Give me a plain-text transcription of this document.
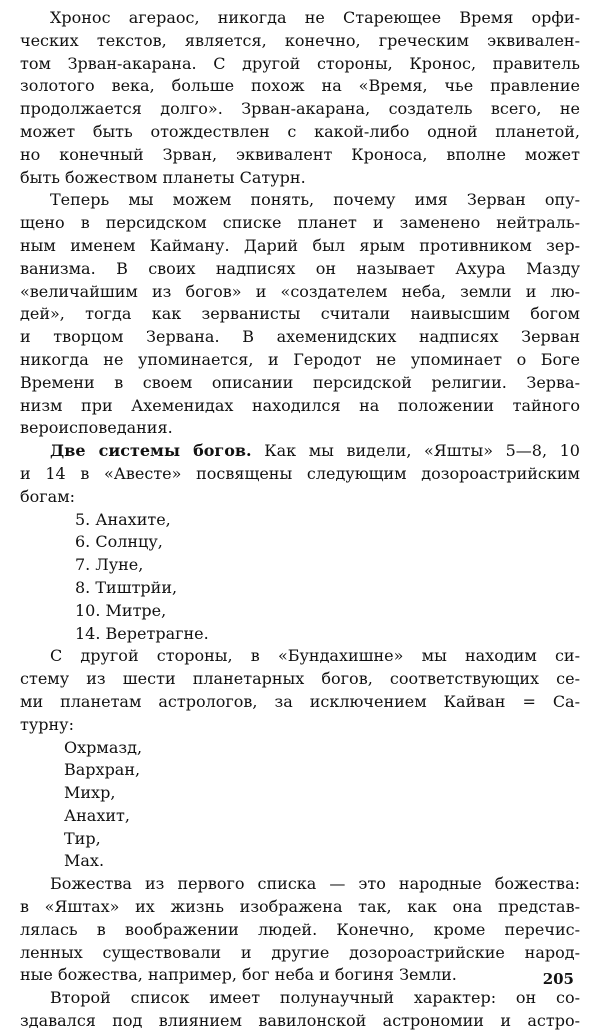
Хронос агераос, никогда не Стареющее Время орфи-
ческих текстов, является, конечно, греческим эквивален-
том Зрван-акарана. С другой стороны, Кронос, правитель
золотого века, больше похож на «Время, чье правление
продолжается долго». Зрван-акарана, создатель всего, не
может быть отождествлен с какой-либо одной планетой,
но конечный Зрван, эквивалент Кроноса, вполне может
быть божеством планеты Сатурн.
Теперь мы можем понять, почему имя Зерван опу-
щено в персидском списке планет и заменено нейтраль-
ным именем Кайману. Дарий был ярым противником зер-
ванизма. В своих надписях он называет Ахура Мазду
«величайшим из богов» и «создателем неба, земли и лю-
дей», тогда как зерванисты считали наивысшим богом
и творцом Зервана. В ахеменидских надписях Зерван
никогда не упоминается, и Геродот не упоминает о Боге
Времени в своем описании персидской религии. Зерва-
низм при Ахеменидах находился на положении тайного
вероисповедания.
Две системы богов. Как мы видели, «Яшты» 5—8, 10
и 14 в «Авесте» посвящены следующим дозороастрийским
богам:
5. Анахите,
6. Солнцу,
7. Луне,
8. Тиштрйи,
10. Митре,
14. Веретрагне.
С другой стороны, в «Бундахишне» мы находим си-
стему из шести планетарных богов, соответствующих се-
ми планетам астрологов, за исключением Кайван = Са-
турну:
Охрмазд,
Вархран,
Михр,
Анахит,
Тир,
Мах.
Божества из первого списка — это народные божества:
в «Яштах» их жизнь изображена так, как она представ-
лялась в воображении людей. Конечно, кроме перечис-
ленных существовали и другие дозороастрийские народ-
ные божества, например, бог неба и богиня Земли.
Второй список имеет полунаучный характер: он со-
здавался под влиянием вавилонской астрономии и астро-
205
